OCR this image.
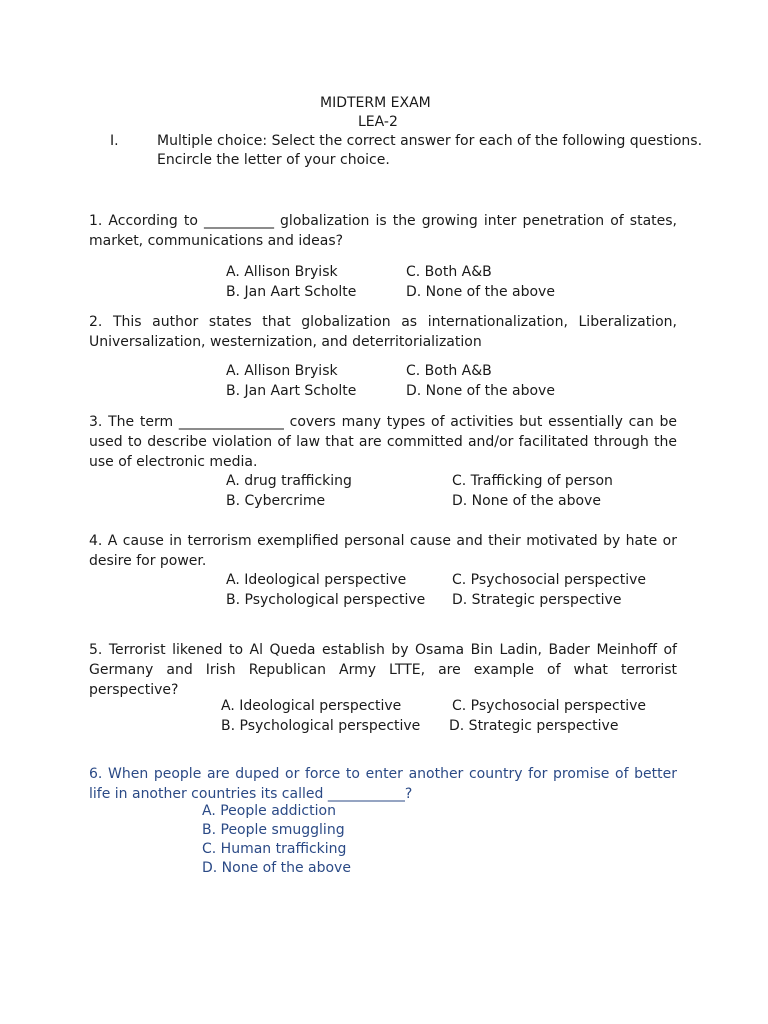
MIDTERM EXAM
LEA-2
I.	Multiple choice: Select the correct answer for each of the following questions.
Encircle the letter of your choice.
1. According to __________ globalization is the growing inter penetration of states, market, communications and ideas?
A. Allison Bryisk	C. Both A&B
B. Jan Aart Scholte	D. None of the above
2. This author states that globalization as internationalization, Liberalization, Universalization, westernization, and deterritorialization
A. Allison Bryisk	C. Both A&B
B. Jan Aart Scholte	D. None of the above
3. The term _______________ covers many types of activities but essentially can be used to describe violation of law that are committed and/or facilitated through the use of electronic media.
A. drug trafficking	C. Trafficking of person
B. Cybercrime	D. None of the above
4. A cause in terrorism exemplified personal cause and their motivated by hate or desire for power.
A. Ideological perspective	C. Psychosocial perspective
B. Psychological perspective D. Strategic perspective
5. Terrorist likened to Al Queda establish by Osama Bin Ladin, Bader Meinhoff of Germany and Irish Republican Army LTTE, are example of what terrorist perspective?
A. Ideological perspective	C. Psychosocial perspective
B. Psychological perspective D. Strategic perspective
6. When people are duped or force to enter another country for promise of better life in another countries its called ___________?
A. People addiction
B. People smuggling
C. Human trafficking
D. None of the above
